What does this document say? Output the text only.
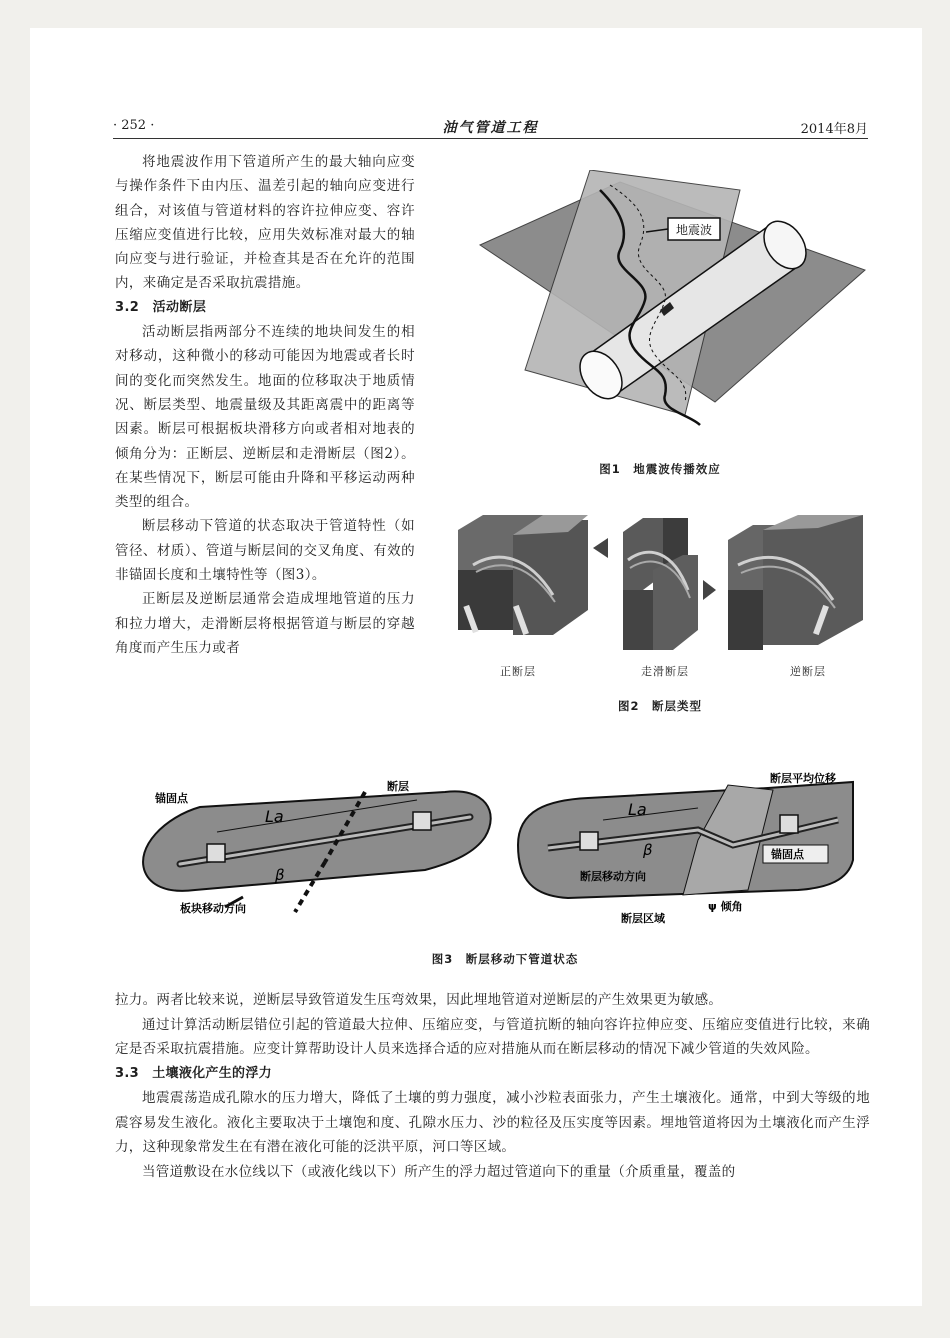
· 252 ·	油气管道工程	2014年8月

将地震波作用下管道所产生的最大轴向应变与操作条件下由内压、温差引起的轴向应变进行组合，对该值与管道材料的容许拉伸应变、容许压缩应变值进行比较，应用失效标准对最大的轴向应变与进行验证，并检查其是否在允许的范围内，来确定是否采取抗震措施。

3.2　活动断层

活动断层指两部分不连续的地块间发生的相对移动，这种微小的移动可能因为地震或者长时间的变化而突然发生。地面的位移取决于地质情况、断层类型、地震量级及其距离震中的距离等因素。断层可根据板块滑移方向或者相对地表的倾角分为：正断层、逆断层和走滑断层（图2）。在某些情况下，断层可能由升降和平移运动两种类型的组合。

断层移动下管道的状态取决于管道特性（如管径、材质）、管道与断层间的交叉角度、有效的非锚固长度和土壤特性等（图3）。

正断层及逆断层通常会造成埋地管道的压力和拉力增大，走滑断层将根据管道与断层的穿越角度而产生压力或者

地震波
图1　地震波传播效应
正断层	走滑断层	逆断层
图2　断层类型
La
β
锚固点
断层
板块移动方向
La
β
断层平均位移
锚固点
断层移动方向
断层区域
ψ 倾角
图3　断层移动下管道状态

拉力。两者比较来说，逆断层导致管道发生压弯效果，因此埋地管道对逆断层的产生效果更为敏感。

通过计算活动断层错位引起的管道最大拉伸、压缩应变，与管道抗断的轴向容许拉伸应变、压缩应变值进行比较，来确定是否采取抗震措施。应变计算帮助设计人员来选择合适的应对措施从而在断层移动的情况下减少管道的失效风险。

3.3　土壤液化产生的浮力

地震震荡造成孔隙水的压力增大，降低了土壤的剪力强度，减小沙粒表面张力，产生土壤液化。通常，中到大等级的地震容易发生液化。液化主要取决于土壤饱和度、孔隙水压力、沙的粒径及压实度等因素。埋地管道将因为土壤液化而产生浮力，这种现象常发生在有潜在液化可能的泛洪平原，河口等区域。

当管道敷设在水位线以下（或液化线以下）所产生的浮力超过管道向下的重量（介质重量，覆盖的
